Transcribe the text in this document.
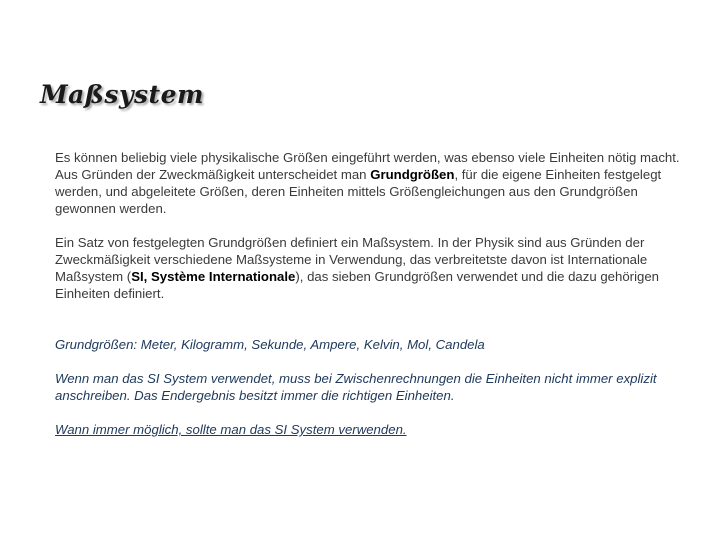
Maßsystem

Es können beliebig viele physikalische Größen eingeführt werden, was ebenso viele Einheiten nötig macht. Aus Gründen der Zweckmäßigkeit unterscheidet man Grundgrößen, für die eigene Einheiten festgelegt werden, und abgeleitete Größen, deren Einheiten mittels Größengleichungen aus den Grundgrößen gewonnen werden.

Ein Satz von festgelegten Grundgrößen definiert ein Maßsystem. In der Physik sind aus Gründen der Zweckmäßigkeit verschiedene Maßsysteme in Verwendung, das verbreitetste davon ist Internationale Maßsystem (SI, Système Internationale), das sieben Grundgrößen verwendet und die dazu gehörigen Einheiten definiert.

Grundgrößen: Meter, Kilogramm, Sekunde, Ampere, Kelvin, Mol, Candela

Wenn man das SI System verwendet, muss bei Zwischenrechnungen die Einheiten nicht immer explizit anschreiben. Das Endergebnis besitzt immer die richtigen Einheiten.

Wann immer möglich, sollte man das SI System verwenden.
